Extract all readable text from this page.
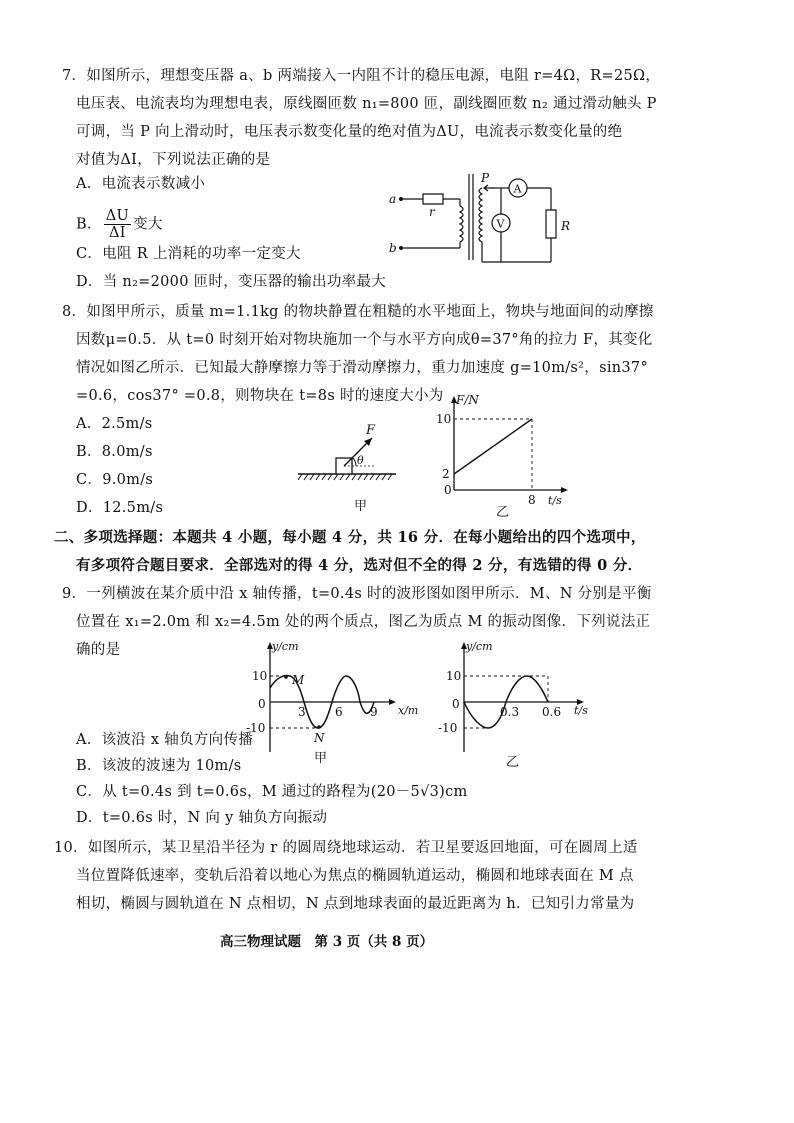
7．如图所示，理想变压器 a、b 两端接入一内阻不计的稳压电源，电阻 r=4Ω，R=25Ω，
电压表、电流表均为理想电表，原线圈匝数 n₁=800 匝，副线圈匝数 n₂ 通过滑动触头 P
可调，当 P 向上滑动时，电压表示数变化量的绝对值为ΔU，电流表示数变化量的绝
对值为ΔI，下列说法正确的是
A．电流表示数减小
B． $\frac{\Delta U}{\Delta I}$ 变大
C．电阻 R 上消耗的功率一定变大
D．当 n₂=2000 匝时，变压器的输出功率最大
a
b
r
P
A
R
V
8．如图甲所示，质量 m=1.1kg 的物块静置在粗糙的水平地面上，物块与地面间的动摩擦
因数μ=0.5．从 t=0 时刻开始对物块施加一个与水平方向成θ=37°角的拉力 F，其变化
情况如图乙所示．已知最大静摩擦力等于滑动摩擦力，重力加速度 g=10m/s²，sin37°
=0.6，cos37° =0.8，则物块在 t=8s 时的速度大小为
A．2.5m/s
B．8.0m/s
C．9.0m/s
D．12.5m/s
F
θ
甲
F/N
t/s
10
2
0
8
乙
二、多项选择题：本题共 4 小题，每小题 4 分，共 16 分．在每小题给出的四个选项中，
有多项符合题目要求．全部选对的得 4 分，选对但不全的得 2 分，有选错的得 0 分．
9．一列横波在某介质中沿 x 轴传播，t=0.4s 时的波形图如图甲所示．M、N 分别是平衡
位置在 x₁=2.0m 和 x₂=4.5m 处的两个质点，图乙为质点 M 的振动图像．下列说法正
确的是
A．该波沿 x 轴负方向传播
B．该波的波速为 10m/s
C．从 t=0.4s 到 t=0.6s，M 通过的路程为(20－5√3)cm
D．t=0.6s 时，N 向 y 轴负方向振动
y/cm
x/m
10
-10
0
3 6 9
M
N
甲
y/cm
t/s
10
-10
0
0.3 0.6
乙
10．如图所示，某卫星沿半径为 r 的圆周绕地球运动．若卫星要返回地面，可在圆周上适
当位置降低速率，变轨后沿着以地心为焦点的椭圆轨道运动，椭圆和地球表面在 M 点
相切，椭圆与圆轨道在 N 点相切，N 点到地球表面的最近距离为 h．已知引力常量为
高三物理试题　第 3 页（共 8 页）
